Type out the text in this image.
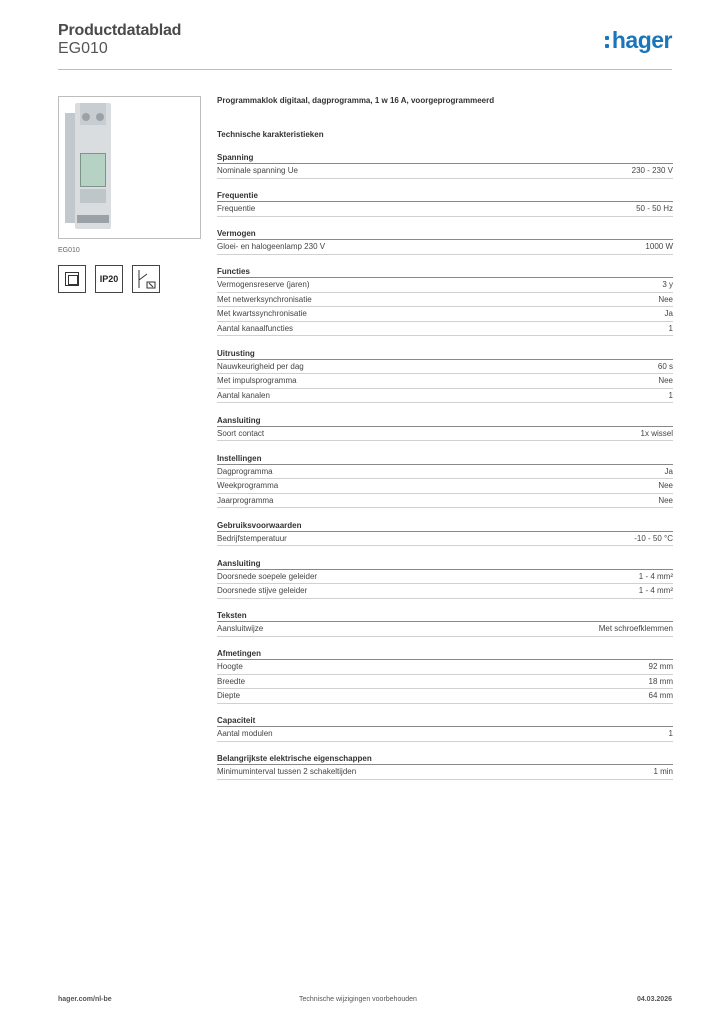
Productdatablad
EG010	hager
EG010
IP20
Programmaklok digitaal, dagprogramma, 1 w 16 A, voorgeprogrammeerd
Technische karakteristieken
Spanning
Nominale spanning Ue	230 - 230 V
Frequentie
Frequentie	50 - 50 Hz
Vermogen
Gloei- en halogeenlamp 230 V	1000 W
Functies
Vermogensreserve (jaren)	3 y
Met netwerksynchronisatie	Nee
Met kwartssynchronisatie	Ja
Aantal kanaalfuncties	1
Uitrusting
Nauwkeurigheid per dag	60 s
Met impulsprogramma	Nee
Aantal kanalen	1
Aansluiting
Soort contact	1x wissel
Instellingen
Dagprogramma	Ja
Weekprogramma	Nee
Jaarprogramma	Nee
Gebruiksvoorwaarden
Bedrijfstemperatuur	-10 - 50 °C
Aansluiting
Doorsnede soepele geleider	1 - 4 mm²
Doorsnede stijve geleider	1 - 4 mm²
Teksten
Aansluitwijze	Met schroefklemmen
Afmetingen
Hoogte	92 mm
Breedte	18 mm
Diepte	64 mm
Capaciteit
Aantal modulen	1
Belangrijkste elektrische eigenschappen
Minimuminterval tussen 2 schakeltijden	1 min
hager.com/nl-be	Technische wijzigingen voorbehouden	04.03.2026
